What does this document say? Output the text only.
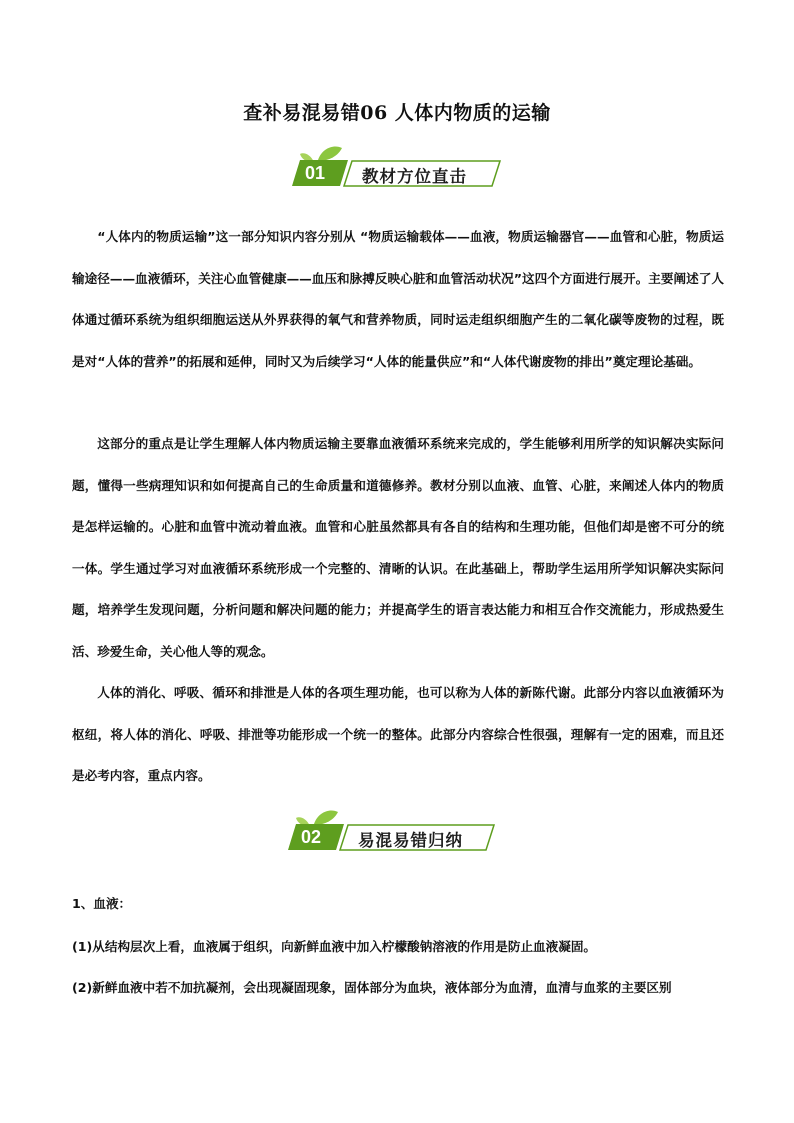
查补易混易错06 人体内物质的运输
01 教材方位直击

“人体内的物质运输”这一部分知识内容分别从 “物质运输载体——血液，物质运输器官——血管和心脏，物质运输途径——血液循环，关注心血管健康——血压和脉搏反映心脏和血管活动状况”这四个方面进行展开。主要阐述了人体通过循环系统为组织细胞运送从外界获得的氧气和营养物质，同时运走组织细胞产生的二氧化碳等废物的过程，既是对“人体的营养”的拓展和延伸，同时又为后续学习“人体的能量供应”和“人体代谢废物的排出”奠定理论基础。

这部分的重点是让学生理解人体内物质运输主要靠血液循环系统来完成的，学生能够利用所学的知识解决实际问题，懂得一些病理知识和如何提高自己的生命质量和道德修养。教材分别以血液、血管、心脏，来阐述人体内的物质是怎样运输的。心脏和血管中流动着血液。血管和心脏虽然都具有各自的结构和生理功能，但他们却是密不可分的统一体。学生通过学习对血液循环系统形成一个完整的、清晰的认识。在此基础上，帮助学生运用所学知识解决实际问题，培养学生发现问题，分析问题和解决问题的能力；并提高学生的语言表达能力和相互合作交流能力，形成热爱生活、珍爱生命，关心他人等的观念。

人体的消化、呼吸、循环和排泄是人体的各项生理功能，也可以称为人体的新陈代谢。此部分内容以血液循环为枢纽，将人体的消化、呼吸、排泄等功能形成一个统一的整体。此部分内容综合性很强，理解有一定的困难，而且还是必考内容，重点内容。

02 易混易错归纳
1、血液：
(1)从结构层次上看，血液属于组织，向新鲜血液中加入柠檬酸钠溶液的作用是防止血液凝固。
(2)新鲜血液中若不加抗凝剂，会出现凝固现象，固体部分为血块，液体部分为血清，血清与血浆的主要区别
